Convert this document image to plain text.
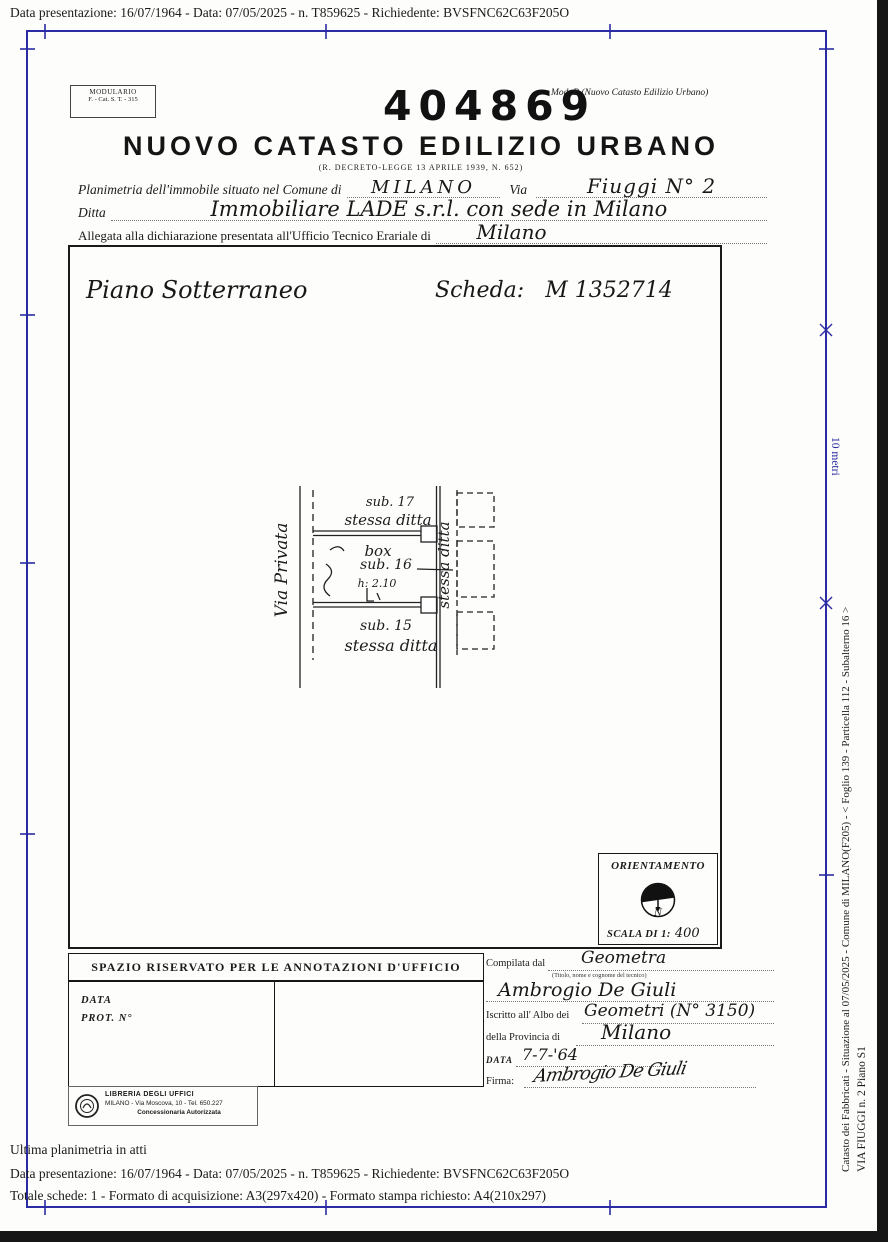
Data presentazione: 16/07/1964 - Data: 07/05/2025 - n. T859625 - Richiedente: BVSFNC62C63F205O
MODULARIO
F. - Cat. S. T. - 315	404869
Mod. B (Nuovo Catasto Edilizio Urbano)
NUOVO CATASTO EDILIZIO URBANO
(R. DECRETO-LEGGE 13 APRILE 1939, N. 652)
Planimetria dell'immobile situato nel Comune di	MILANO	Via	Fiuggi N° 2
Ditta	Immobiliare LADE s.r.l. con sede in Milano
Allegata alla dichiarazione presentata all'Ufficio Tecnico Erariale di	Milano
Piano Sotterraneo	Scheda: M 1352714
sub. 17
stessa ditta
box
sub. 16
h: 2.10
sub. 15
stessa ditta
Via Privata	stessa ditta
ORIENTAMENTO
N
SCALA DI 1: 400
SPAZIO RISERVATO PER LE ANNOTAZIONI D'UFFICIO
DATA
PROT. N°
Compilata dal Geometra
(Titolo, nome e cognome del tecnico)
Ambrogio De Giuli
Iscritto all' Albo dei Geometri (N° 3150)
della Provincia di Milano
DATA 7-7-'64
Firma: Ambrogio De Giuli
LIBRERIA DEGLI UFFICI
MILANO - Via Moscova, 10 - Tel. 650.227
Concessionaria Autorizzata
Ultima planimetria in atti
Data presentazione: 16/07/1964 - Data: 07/05/2025 - n. T859625 - Richiedente: BVSFNC62C63F205O
Totale schede: 1 - Formato di acquisizione: A3(297x420) - Formato stampa richiesto: A4(210x297)
Catasto dei Fabbricati - Situazione al 07/05/2025 - Comune di MILANO(F205) - < Foglio 139 - Particella 112 - Subalterno 16 > VIA FIUGGI n. 2 Piano S1
10 metri
